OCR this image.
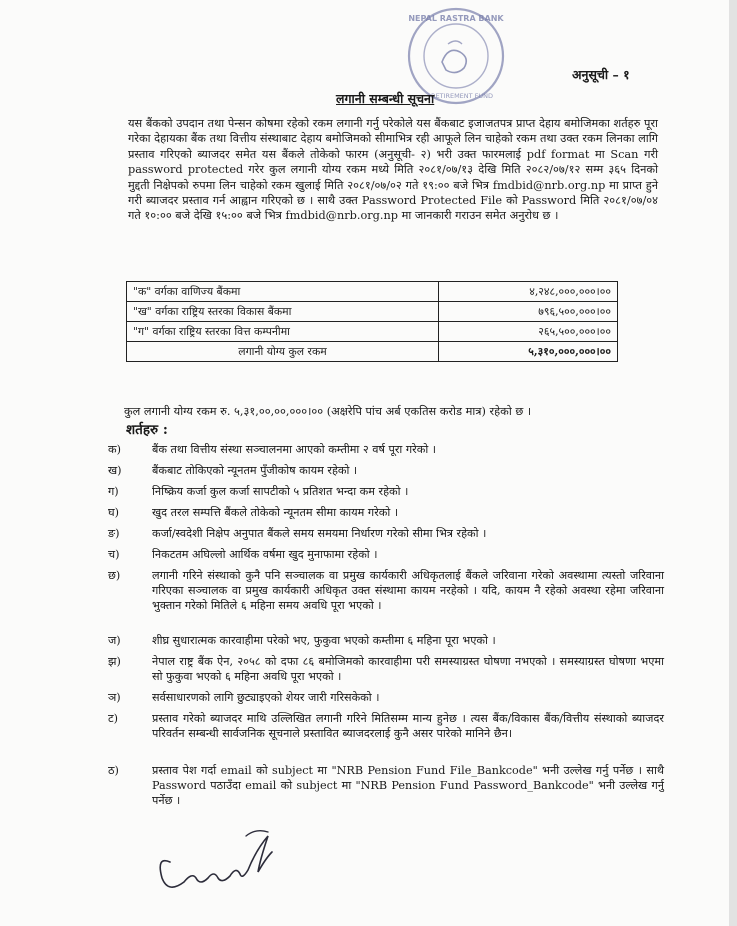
NEPAL RASTRA BANK
RETIREMENT FUND
अनुसूची – १
लगानी सम्बन्धी सूचना
यस बैंकको उपदान तथा पेन्सन कोषमा रहेको रकम लगानी गर्नु परेकोले यस बैंकबाट इजाजतपत्र प्राप्त देहाय बमोजिमका शर्तहरु पूरा गरेका देहायका बैंक तथा वित्तीय संस्थाबाट देहाय बमोजिमको सीमाभित्र रही आफूले लिन चाहेको रकम तथा उक्त रकम लिनका लागि प्रस्ताव गरिएको ब्याजदर समेत यस बैंकले तोकेको फारम (अनुसूची- २) भरी उक्त फारमलाई pdf format मा Scan गरी password protected गरेर कुल लगानी योग्य रकम मध्ये मिति २०८१/०७/१३ देखि मिति २०८२/०७/१२ सम्म ३६५ दिनको मुद्दती निक्षेपको रुपमा लिन चाहेको रकम खुलाई मिति २०८१/०७/०२ गते १९:०० बजे भित्र fmdbid@nrb.org.np मा प्राप्त हुने गरी ब्याजदर प्रस्ताव गर्न आह्वान गरिएको छ । साथै उक्त Password Protected File को Password मिति २०८१/०७/०४ गते १०:०० बजे देखि १५:०० बजे भित्र fmdbid@nrb.org.np मा जानकारी गराउन समेत अनुरोध छ ।
"क" वर्गका वाणिज्य बैंकमा	४,२४८,०००,०००।००
"ख" वर्गका राष्ट्रिय स्तरका विकास बैंकमा	७९६,५००,०००।००
"ग" वर्गका राष्ट्रिय स्तरका वित्त कम्पनीमा	२६५,५००,०००।००
लगानी योग्य कुल रकम	५,३१०,०००,०००।००
कुल लगानी योग्य रकम रु. ५,३१,००,००,०००।०० (अक्षरेपि पांच अर्ब एकतिस करोड मात्र) रहेको छ ।
शर्तहरु :
क)	बैंक तथा वित्तीय संस्था सञ्चालनमा आएको कम्तीमा २ वर्ष पूरा गरेको ।
ख)	बैंकबाट तोकिएको न्यूनतम पुँजीकोष कायम रहेको ।
ग)	निष्क्रिय कर्जा कुल कर्जा सापटीको ५ प्रतिशत भन्दा कम रहेको ।
घ)	खुद तरल सम्पत्ति बैंकले तोकेको न्यूनतम सीमा कायम गरेको ।
ङ)	कर्जा/स्वदेशी निक्षेप अनुपात बैंकले समय समयमा निर्धारण गरेको सीमा भित्र रहेको ।
च)	निकटतम अघिल्लो आर्थिक वर्षमा खुद मुनाफामा रहेको ।
छ)	लगानी गरिने संस्थाको कुनै पनि सञ्चालक वा प्रमुख कार्यकारी अधिकृतलाई बैंकले जरिवाना गरेको अवस्थामा त्यस्तो जरिवाना गरिएका सञ्चालक वा प्रमुख कार्यकारी अधिकृत उक्त संस्थामा कायम नरहेको । यदि, कायम नै रहेको अवस्था रहेमा जरिवाना भुक्तान गरेको मितिले ६ महिना समय अवधि पूरा भएको ।
ज)	शीघ्र सुधारात्मक कारवाहीमा परेको भए, फुकुवा भएको कम्तीमा ६ महिना पूरा भएको ।
झ)	नेपाल राष्ट्र बैंक ऐन, २०५८ को दफा ८६ बमोजिमको कारवाहीमा परी समस्याग्रस्त घोषणा नभएको । समस्याग्रस्त घोषणा भएमा सो फुकुवा भएको ६ महिना अवधि पूरा भएको ।
ञ)	सर्वसाधारणको लागि छुट्याइएको शेयर जारी गरिसकेको ।
ट)	प्रस्ताव गरेको ब्याजदर माथि उल्लिखित लगानी गरिने मितिसम्म मान्य हुनेछ । त्यस बैंक/विकास बैंक/वित्तीय संस्थाको ब्याजदर परिवर्तन सम्बन्धी सार्वजनिक सूचनाले प्रस्तावित ब्याजदरलाई कुनै असर पारेको मानिने छैन।
ठ)	प्रस्ताव पेश गर्दा email को subject मा "NRB Pension Fund File_Bankcode" भनी उल्लेख गर्नु पर्नेछ । साथै Password पठाउँदा email को subject मा "NRB Pension Fund Password_Bankcode" भनी उल्लेख गर्नु पर्नेछ ।
